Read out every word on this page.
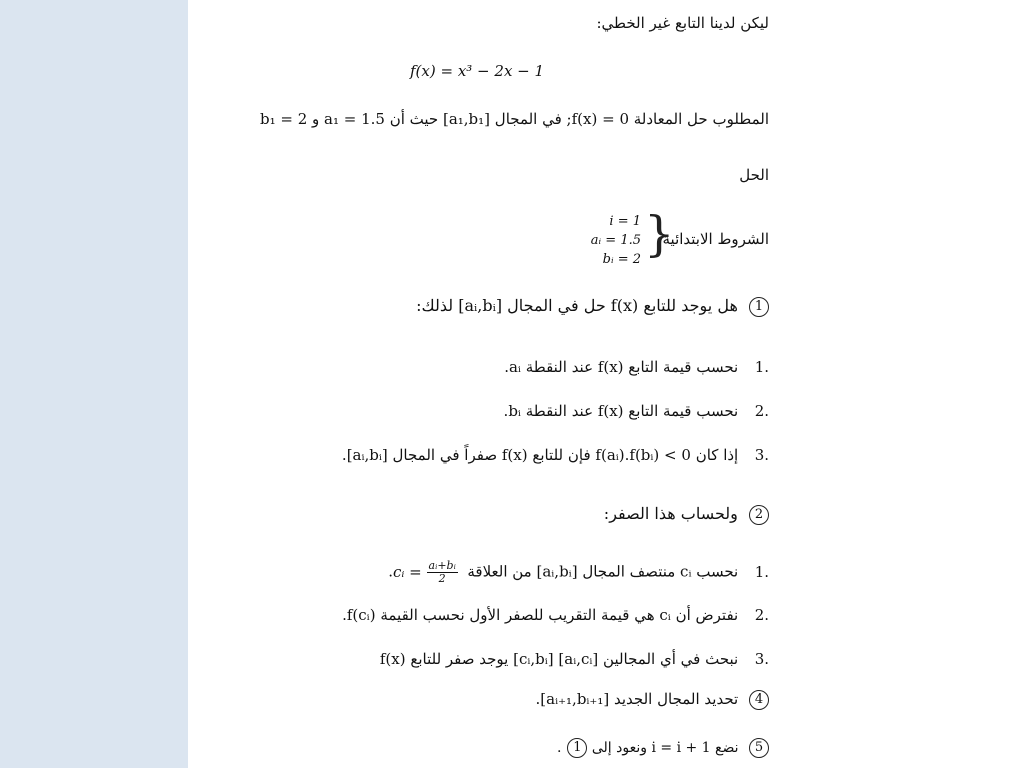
ليكن لدينا التابع غير الخطي:
f(x) = x³ − 2x − 1
المطلوب حل المعادلة f(x) = 0; في المجال [a₁,b₁] حيث أن a₁ = 1.5 و b₁ = 2
الحل
الشروط الابتدائية
}
i = 1
aᵢ = 1.5
bᵢ = 2
1 هل يوجد للتابع f(x) حل في المجال [aᵢ,bᵢ] لذلك:
1. نحسب قيمة التابع f(x) عند النقطة aᵢ.
2. نحسب قيمة التابع f(x) عند النقطة bᵢ.
3. إذا كان f(aᵢ).f(bᵢ) < 0 فإن للتابع f(x) صفراً في المجال [aᵢ,bᵢ].
2 ولحساب هذا الصفر:
1. نحسب cᵢ منتصف المجال [aᵢ,bᵢ] من العلاقة cᵢ = $\frac{\text{aᵢ+bᵢ}}{2}$
.
2. نفترض أن cᵢ هي قيمة التقريب للصفر الأول نحسب القيمة f(cᵢ).
3. نبحث في أي المجالين [aᵢ,cᵢ] [cᵢ,bᵢ] يوجد صفر للتابع f(x)
4 تحديد المجال الجديد [aᵢ₊₁,bᵢ₊₁].
5 نضع i = i + 1 ونعود إلى 1.
